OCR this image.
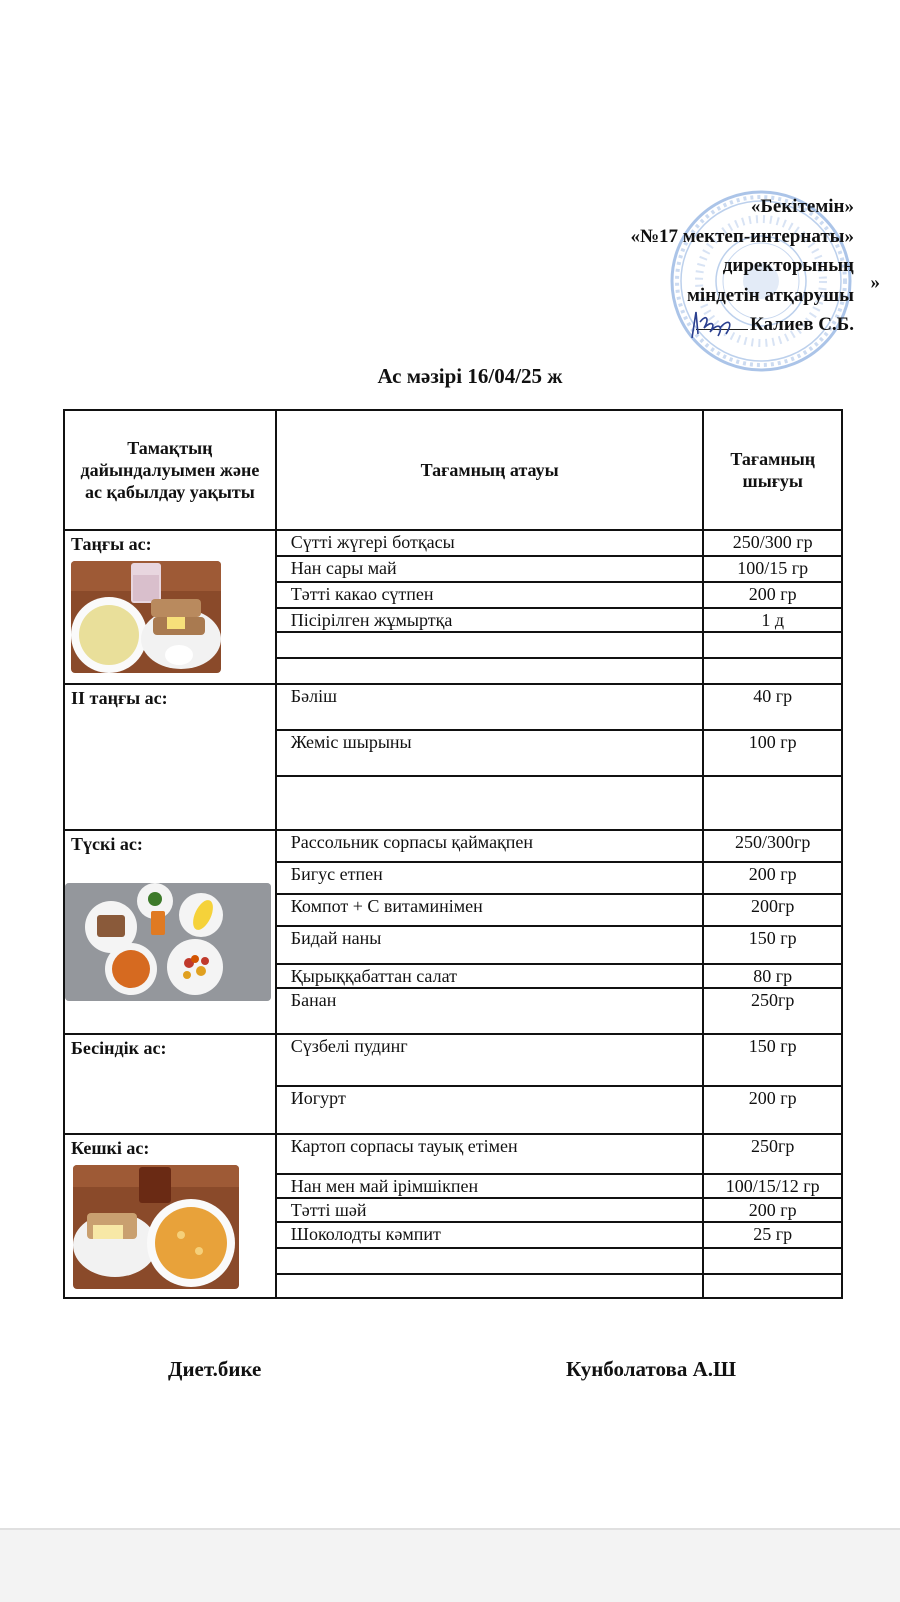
«Бекітемін»
«№17 мектеп-интернаты»
директорының
міндетін атқарушы
Калиев С.Б.
»
Ас мәзірі 16/04/25 ж
Тамақтың дайындалуымен және ас қабылдау уақыты	Тағамның атауы	Тағамның шығуы

Таңғы ас:	Сүтті жүгері ботқасы	250/300 гр
	Нан сары май	100/15 гр
	Тәтті какао сүтпен	200 гр
	Пісірілген жұмыртқа	1 д

ІІ таңғы ас:	Бәліш	40 гр
	Жеміс шырыны	100 гр

Түскі ас:	Рассольник сорпасы қаймақпен	250/300гр
	Бигус етпен	200 гр
	Компот + С витаминімен	200гр
	Бидай наны	150 гр
	Қырыққабаттан салат	80 гр
	Банан	250гр

Бесіндік ас:	Сүзбелі пудинг	150 гр
	Иогурт	200 гр

Кешкі ас:	Картоп сорпасы тауық етімен	250гр
	Нан мен май ірімшікпен	100/15/12 гр
	Тәтті шәй	200 гр
	Шоколодты кәмпит	25 гр

Диет.бике	Кунболатова А.Ш
